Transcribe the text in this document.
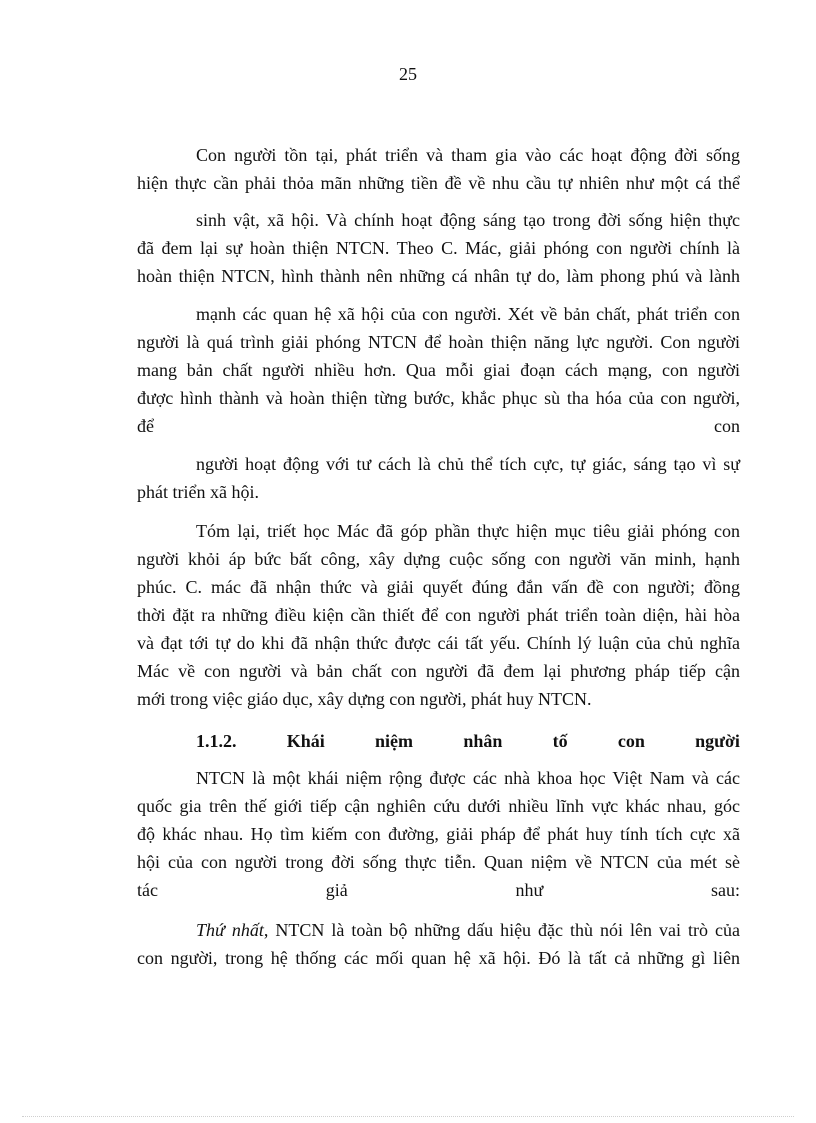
25
Con người tồn tại, phát triển và tham gia vào các hoạt động đời sống
hiện thực cần phải thỏa mãn những tiền đề về nhu cầu tự nhiên như một cá thể
sinh vật, xã hội. Và chính hoạt động sáng tạo trong đời sống hiện thực
đã đem lại sự hoàn thiện NTCN. Theo C. Mác, giải phóng con người chính là
hoàn thiện NTCN, hình thành nên những cá nhân tự do, làm phong phú và lành
mạnh các quan hệ xã hội của con người. Xét về bản chất, phát triển con
người là quá trình giải phóng NTCN để hoàn thiện năng lực người. Con người
mang bản chất người nhiều hơn. Qua mỗi giai đoạn cách mạng, con người
được hình thành và hoàn thiện từng bước, khắc phục sù tha hóa của con người,
để	con
người hoạt động với tư cách là chủ thể tích cực, tự giác, sáng tạo vì sự
phát triển xã hội.
Tóm lại, triết học Mác đã góp phần thực hiện mục tiêu giải phóng con
người khỏi áp bức bất công, xây dựng cuộc sống con người văn minh, hạnh
phúc. C. mác đã nhận thức và giải quyết đúng đắn vấn đề con người; đồng
thời đặt ra những điều kiện cần thiết để con người phát triển toàn diện, hài hòa
và đạt tới tự do khi đã nhận thức được cái tất yếu. Chính lý luận của chủ nghĩa
Mác về con người và bản chất con người đã đem lại phương pháp tiếp cận
mới trong việc giáo dục, xây dựng con người, phát huy NTCN.
1.1.2.	Khái	niệm	nhân	tố	con	người
NTCN là một khái niệm rộng được các nhà khoa học Việt Nam và các
quốc gia trên thế giới tiếp cận nghiên cứu dưới nhiều lĩnh vực khác nhau, góc
độ khác nhau. Họ tìm kiếm con đường, giải pháp để phát huy tính tích cực xã
hội của con người trong đời sống thực tiễn. Quan niệm về NTCN của mét sè
tác	giả	như	sau:
Thứ nhất, NTCN là toàn bộ những dấu hiệu đặc thù nói lên vai trò của
con người, trong hệ thống các mối quan hệ xã hội. Đó là tất cả những gì liên
